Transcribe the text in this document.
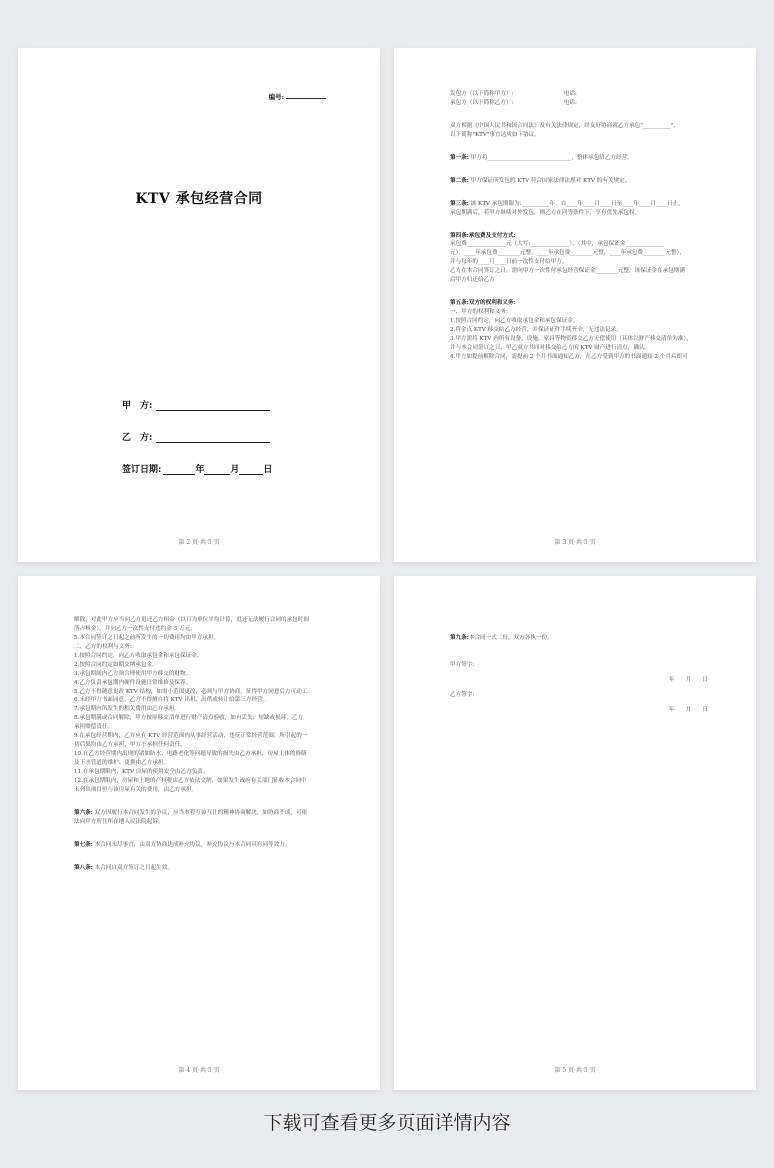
编号:
KTV 承包经营合同
甲　方:
乙　方:
签订日期:	年	月	日
第 2 页 共 5 页

发包方（以下简称甲方）:　　　　　　　　　电话:

承包方（以下简称乙方）:　　　　　　　　　电话:

双方根据《中国人民共和国合同法》及有关法律规定，经友好协商就乙方承包"__________"，

以下简称"KTV"事宜达成如下协议。

第一条: 甲方将______________________________，整体承包给乙方经营。

第二条: 甲方保证所发包的 KTV 符合国家法律法规对 KTV 的有关规定。

第三条: 该 KTV 承包期限为:__________年，自____年____月____日至____年____月____日止，

承包期满后，若甲方继续对外发包，则乙方在同等条件下，享有优先承包权。

第四条:承包费及支付方式:

承包费______________元（大写:______________），（其中，承包保证金______________

元），____年承包费________元整，____年承包费________元整，____年承包费________元整），

并与每年的____月____日前一次性支付给甲方。

乙方在本合同签订之日，需向甲方一次性付承包经营保证金________元整，该保证金在承包期满

后甲方归还给乙方

第五条:双方的权利和义务:

一、甲方的权利和义务:

1.按照合同约定，向乙方收取承包金和承包保证金。

2.将金点 KTV 移交给乙方经营，并保证证件手续齐全，无违法记录。

3.甲方需将 KTV 内所有设备，设施，家具等物资移交乙方无偿使用（具体以财产移交清单为准），

并与本合同签订之日，甲乙双方共同对移交给乙方的 KTV 财产进行清点，确认。

4.甲方如提前解除合同，需提前 2 个月书面通知乙方，在乙方受到甲方的书面通知 2 个月后即可

第 3 页 共 5 页

解除，对此甲方应当向乙方退还乙方租金（以日为单位平均计算，退还无法履行合同的承包时间

所占租金），并向乙方一次性支付违约金 3 万元。

5.本合同签订之日起之前所发生的一切费用均由甲方承担。

二、乙方的权利与义务:

1.按照合同约定，向乙方收取承包金和承包保证金。

2.按照合同约定如期交纳承包金。

3.承包期间内乙方须合理使用甲方移交的财物。

4.乙方负责承包期内硬件设施日常维修及保养。

5.乙方不得随意更改 KTV 结构，如需小范围更改，必须与甲方协商，征得甲方同意后方可动工。

6.未经甲方书面同意，乙方不得擅自将 KTV 出租、出借或转让给第三方经营。

7.承包期内所发生的相关费用由乙方承担。

8.承包期满或合同解除，甲方按原移交清单进行财产清点验收，如有丢失、短缺或损坏，乙方

承担赔偿责任。

9.在承包经营期内，乙方应在 KTV 经营范围内从事经营活动，违反正常经营范围，所引起的一

切后果均由乙方承担，甲方不承担任何责任。

10.在乙方经营期内出现的诸如防水、电路老化等问题导致的损失由乙方承担，房屋主体的修缮

及下水管道的维护、更换由乙方承担。

11.在承包期限内，KTV 房屋的使用安全由乙方负责。

12.在承包期限内，房屋和土地的产权税由乙方依法交纳，如果发生政府有关部门征收本合同中

未列出项目但与该房屋有关的费用，由乙方承担。

第六条: 双方因履行本合同发生的争议，应当本着互谅互让的精神协商解决，如协商不成，可依

法向甲方所住所在地人民法院起诉。

第七条: 本合同未尽事宜，由双方协商达成补充协议，补充协议与本合同具有同等效力。

第八条: 本合同自双方签订之日起生效。

第 4 页 共 5 页

第九条:本合同一式二份，双方各执一份。

甲方签字:

年　　月　　日

乙方签字:

年　　月　　日

第 5 页 共 5 页
下载可查看更多页面详情内容
